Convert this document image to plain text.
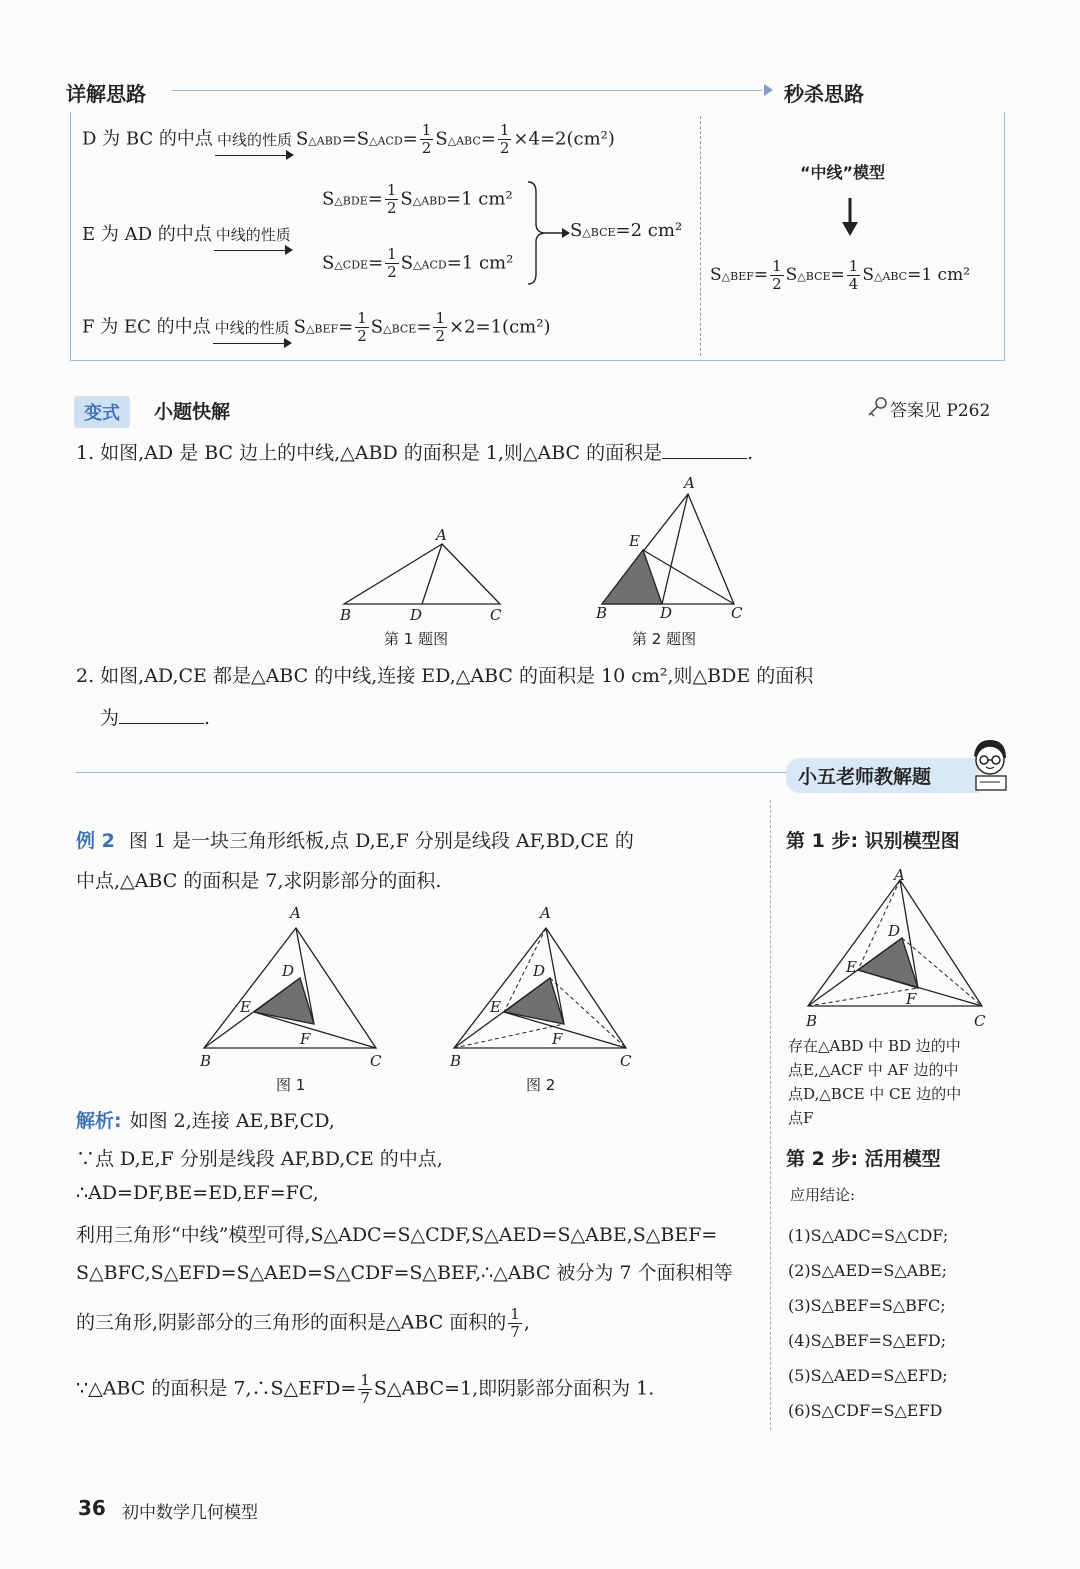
详解思路	秒杀思路
D 为 BC 的中点 中线的性质 S△ABD=S△ACD= $\frac{1}{2}$ S△ABC= $\frac{1}{2} \times 4=2(cm^2)$
E 为 AD 的中点 中线的性质
S△BDE= $\frac{1}{2}$ S△ABD=1 cm²
S△CDE= $\frac{1}{2}$ S△ACD=1 cm²
S△BCE=2 cm²
F 为 EC 的中点 中线的性质 S△BEF= $\frac{1}{2}$ S△BCE= $\frac{1}{2} \times 2=1(cm^2)$
“中线”模型
S△BEF= $\frac{1}{2}$ S△BCE= $\frac{1}{4}$ S△ABC=1 cm²
变式	小题快解	答案见 P262
1. 如图,AD 是 BC 边上的中线,△ABD 的面积是 1,则△ABC 的面积是	.
A
B	D	C
第 1 题图
A
E
B	D	C
第 2 题图
2. 如图,AD,CE 都是△ABC 的中线,连接 ED,△ABC 的面积是 10 cm²,则△BDE 的面积
为	.
小五老师教解题
例 2 图 1 是一块三角形纸板,点 D,E,F 分别是线段 AF,BD,CE 的
中点,△ABC 的面积是 7,求阴影部分的面积.
A
D
E
F
B	C
图 1
A
D
E
F
B	C
图 2
解析: 如图 2,连接 AE,BF,CD,
∵点 D,E,F 分别是线段 AF,BD,CE 的中点,
∴AD=DF,BE=ED,EF=FC,
利用三角形“中线”模型可得,S△ADC=S△CDF,S△AED=S△ABE,S△BEF=
S△BFC,S△EFD=S△AED=S△CDF=S△BEF,∴△ABC 被分为 7 个面积相等
的三角形,阴影部分的三角形的面积是△ABC 面积的 $\frac{1}{7}$ ,
∵△ABC 的面积是 7,∴S△EFD= $\frac{1}{7}$ S△ABC=1,即阴影部分面积为 1.
第 1 步: 识别模型图
A
D
E
F
B	C
存在△ABD 中 BD 边的中
点E,△ACF 中 AF 边的中
点D,△BCE 中 CE 边的中
点F
第 2 步: 活用模型
应用结论:
(1)S△ADC=S△CDF;
(2)S△AED=S△ABE;
(3)S△BEF=S△BFC;
(4)S△BEF=S△EFD;
(5)S△AED=S△EFD;
(6)S△CDF=S△EFD
36 初中数学几何模型
